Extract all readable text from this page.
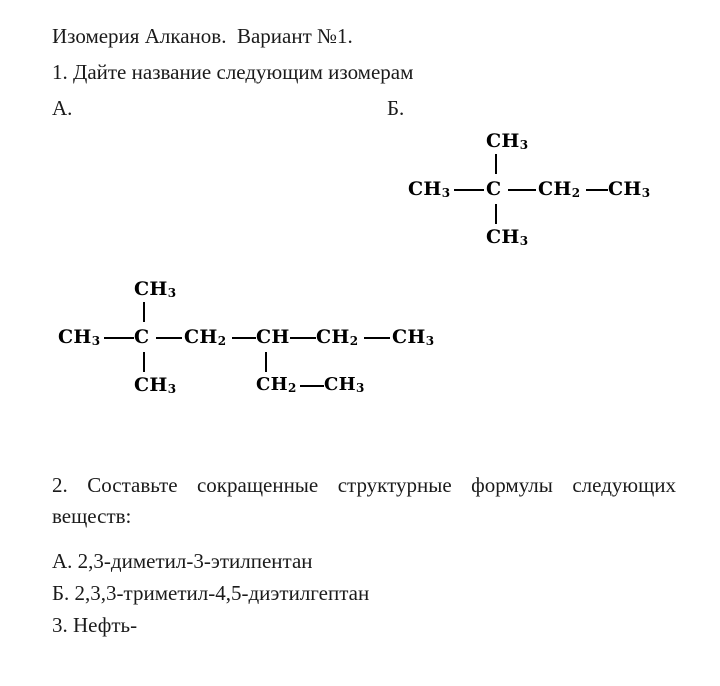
Изомерия Алканов.  Вариант №1.
1. Дайте название следующим изомерам
А.	Б.
$CH_3$
$CH_3$ C $CH_2$ $CH_3$
$CH_3$
$CH_3$
$CH_3$ C $CH_2$ CH $CH_2$ $CH_3$
$CH_3$	$CH_2$ $CH_3$
2. Составьте сокращенные структурные формулы следующих веществ:
А. 2,3-диметил-3-этилпентан
Б. 2,3,3-триметил-4,5-диэтилгептан
3. Нефть-
